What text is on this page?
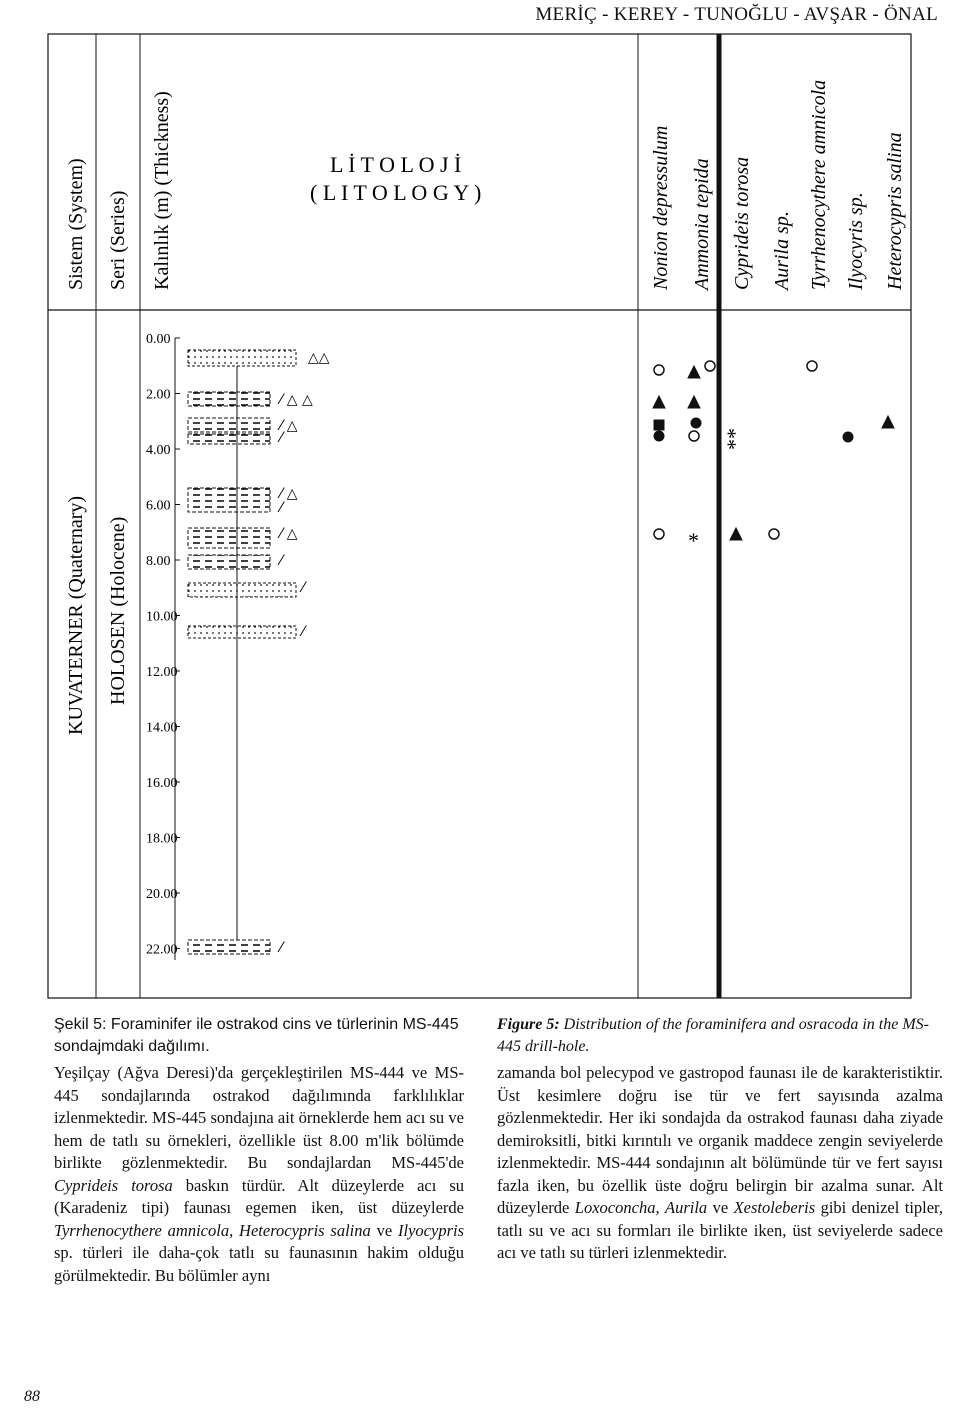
MERİÇ - KEREY - TUNOĞLU - AVŞAR - ÖNAL
Sistem (System) Seri (Series) Kalınlık (m) (Thickness)	L İ T O L O J İ
( L I T O L O G Y )	Nonion depressulum Ammonia tepida Cyprideis torosa Aurila sp. Tyrrhenocythere amnicola Ilyocyris sp. Heterocypris salina
KUVATERNER (Quaternary) HOLOSEN (Holocene)
0.00
2.00
4.00
6.00
8.00
10.00
12.00
14.00
16.00
18.00
20.00
22.00
△△
⁄ △ △
⁄ △
⁄
⁄ △
⁄
⁄ △
⁄
⁄
⁄
⁄
*
**
Şekil 5: Foraminifer ile ostrakod cins ve türlerinin MS-445 sondajmdaki dağılımı.
Figure 5: Distribution of the foraminifera and osracoda in the MS-445 drill-hole.

Yeşilçay (Ağva Deresi)'da gerçekleştirilen MS-444 ve MS-445 sondajlarında ostrakod dağılımında farklılıklar izlenmektedir. MS-445 sondajına ait örneklerde hem acı su ve hem de tatlı su örnekleri, özellikle üst 8.00 m'lik bölümde birlikte gözlenmektedir. Bu sondajlardan MS-445'de Cyprideis torosa baskın türdür. Alt düzeylerde acı su (Karadeniz tipi) faunası egemen iken, üst düzeylerde Tyrrhenocythere amnicola, Heterocypris salina ve Ilyocypris sp. türleri ile daha-çok tatlı su faunasının hakim olduğu görülmektedir. Bu bölümler aynı

zamanda bol pelecypod ve gastropod faunası ile de karakteristiktir. Üst kesimlere doğru ise tür ve fert sayısında azalma gözlenmektedir. Her iki sondajda da ostrakod faunası daha ziyade demiroksitli, bitki kırıntılı ve organik maddece zengin seviyelerde izlenmektedir. MS-444 sondajının alt bölümünde tür ve fert sayısı fazla iken, bu özellik üste doğru belirgin bir azalma sunar. Alt düzeylerde Loxoconcha, Aurila ve Xestoleberis gibi denizel tipler, tatlı su ve acı su formları ile birlikte iken, üst seviyelerde sadece acı ve tatlı su türleri izlenmektedir.

88
